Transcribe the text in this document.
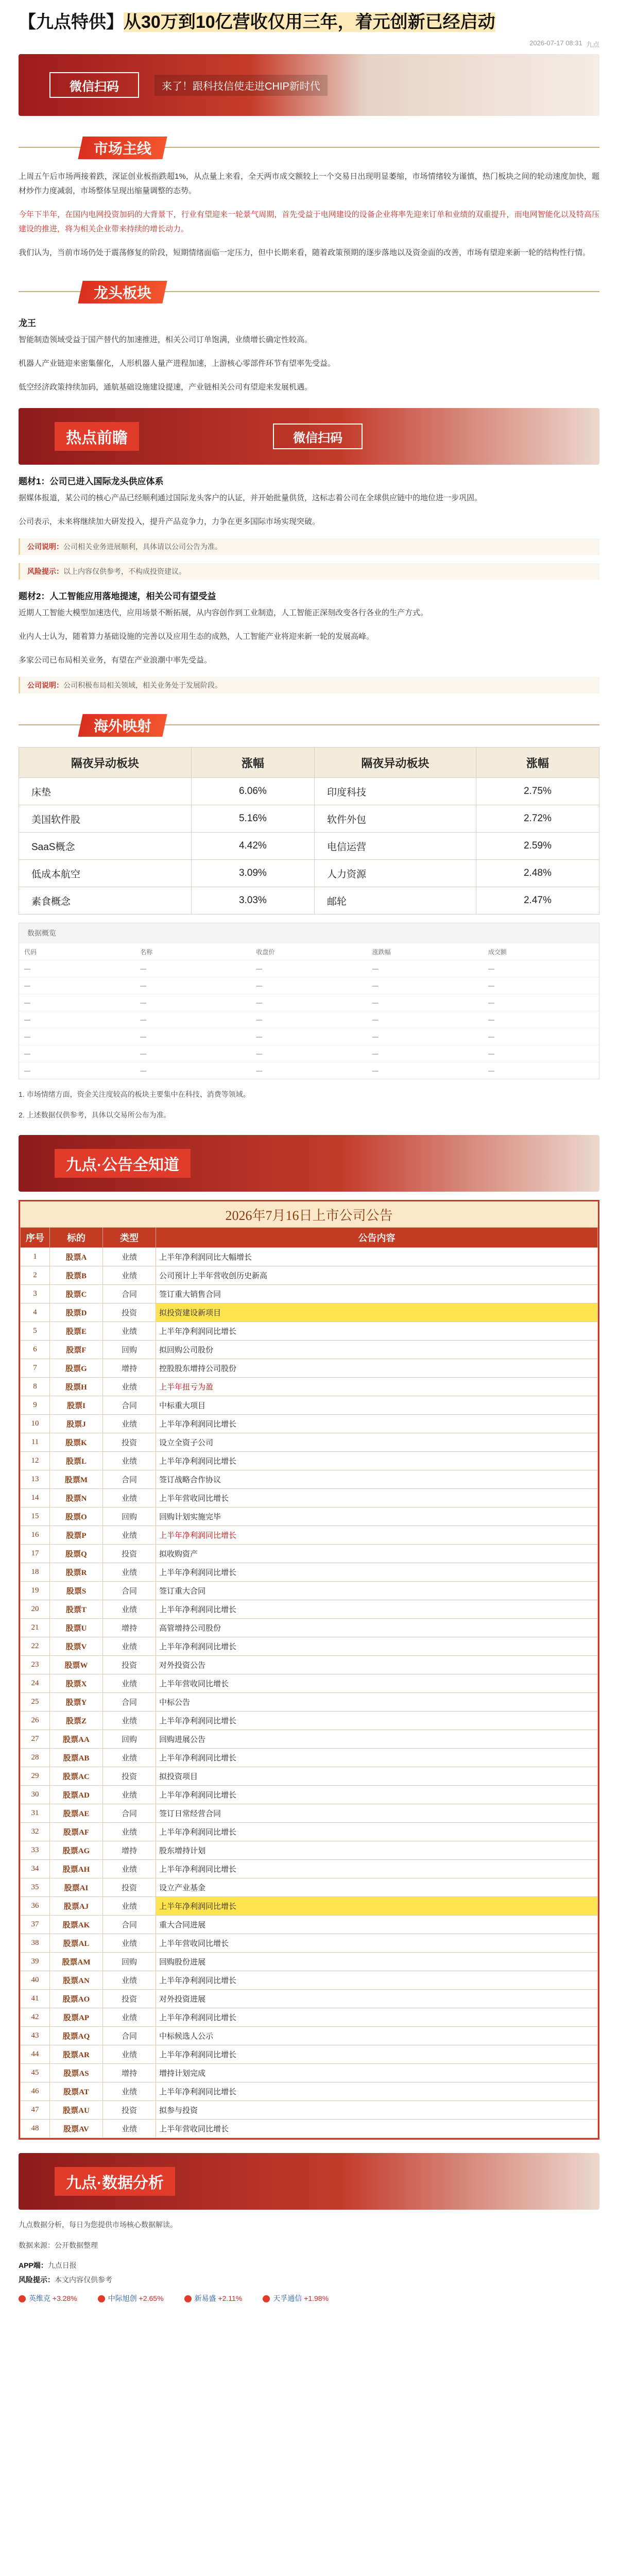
【九点特供】从30万到10亿营收仅用三年，着元创新已经启动
2026-07-17 08:31
九点
微信扫码	来了！跟科技信使走进CHIP新时代
市场主线

上周五午后市场两接着跌，深证创业板指跌超1%，从点量上来看，全天两市成交额较上一个交易日出现明显萎缩，市场情绪较为谨慎，热门板块之间的轮动速度加快，题材炒作力度减弱，市场整体呈现出缩量调整的态势。

今年下半年，在国内电网投资加码的大背景下，行业有望迎来一轮景气周期，首先受益于电网建设的设备企业将率先迎来订单和业绩的双重提升，而电网智能化以及特高压建设的推进，将为相关企业带来持续的增长动力。

我们认为，当前市场仍处于震荡修复的阶段，短期情绪面临一定压力，但中长期来看，随着政策预期的逐步落地以及资金面的改善，市场有望迎来新一轮的结构性行情。

龙头板块
龙王

智能制造领域受益于国产替代的加速推进，相关公司订单饱满，业绩增长确定性较高。

机器人产业链迎来密集催化，人形机器人量产进程加速，上游核心零部件环节有望率先受益。

低空经济政策持续加码，通航基础设施建设提速，产业链相关公司有望迎来发展机遇。

热点前瞻	微信扫码
题材1：公司已进入国际龙头供应体系

据媒体报道，某公司的核心产品已经顺利通过国际龙头客户的认证，并开始批量供货，这标志着公司在全球供应链中的地位进一步巩固。

公司表示，未来将继续加大研发投入，提升产品竞争力，力争在更多国际市场实现突破。

公司说明：公司相关业务进展顺利，具体请以公司公告为准。
风险提示：以上内容仅供参考，不构成投资建议。
题材2：人工智能应用落地提速，相关公司有望受益

近期人工智能大模型加速迭代，应用场景不断拓展，从内容创作到工业制造，人工智能正深刻改变各行各业的生产方式。

业内人士认为，随着算力基础设施的完善以及应用生态的成熟，人工智能产业将迎来新一轮的发展高峰。

多家公司已布局相关业务，有望在产业浪潮中率先受益。

公司说明：公司积极布局相关领域，相关业务处于发展阶段。
海外映射
隔夜异动板块	涨幅	隔夜异动板块	涨幅
床垫	6.06%	印度科技	2.75%
美国软件股	5.16%	软件外包	2.72%
SaaS概念	4.42%	电信运营	2.59%
低成本航空	3.09%	人力资源	2.48%
素食概念	3.03%	邮轮	2.47%
数据概览
代码	名称	收盘价	涨跌幅	成交额
—	—	—	—	—
—	—	—	—	—
—	—	—	—	—
—	—	—	—	—
—	—	—	—	—
—	—	—	—	—
—	—	—	—	—

1. 市场情绪方面，资金关注度较高的板块主要集中在科技、消费等领域。

2. 上述数据仅供参考，具体以交易所公布为准。

九点·公告全知道
2026年7月16日上市公司公告
序号	标的	类型	公告内容
1	股票A	业绩	上半年净利润同比大幅增长
2	股票B	业绩	公司预计上半年营收创历史新高
3	股票C	合同	签订重大销售合同
4	股票D	投资	拟投资建设新项目
5	股票E	业绩	上半年净利润同比增长
6	股票F	回购	拟回购公司股份
7	股票G	增持	控股股东增持公司股份
8	股票H	业绩	上半年扭亏为盈
9	股票I	合同	中标重大项目
10	股票J	业绩	上半年净利润同比增长
11	股票K	投资	设立全资子公司
12	股票L	业绩	上半年净利润同比增长
13	股票M	合同	签订战略合作协议
14	股票N	业绩	上半年营收同比增长
15	股票O	回购	回购计划实施完毕
16	股票P	业绩	上半年净利润同比增长
17	股票Q	投资	拟收购资产
18	股票R	业绩	上半年净利润同比增长
19	股票S	合同	签订重大合同
20	股票T	业绩	上半年净利润同比增长
21	股票U	增持	高管增持公司股份
22	股票V	业绩	上半年净利润同比增长
23	股票W	投资	对外投资公告
24	股票X	业绩	上半年营收同比增长
25	股票Y	合同	中标公告
26	股票Z	业绩	上半年净利润同比增长
27	股票AA	回购	回购进展公告
28	股票AB	业绩	上半年净利润同比增长
29	股票AC	投资	拟投资项目
30	股票AD	业绩	上半年净利润同比增长
31	股票AE	合同	签订日常经营合同
32	股票AF	业绩	上半年净利润同比增长
33	股票AG	增持	股东增持计划
34	股票AH	业绩	上半年净利润同比增长
35	股票AI	投资	设立产业基金
36	股票AJ	业绩	上半年净利润同比增长
37	股票AK	合同	重大合同进展
38	股票AL	业绩	上半年营收同比增长
39	股票AM	回购	回购股份进展
40	股票AN	业绩	上半年净利润同比增长
41	股票AO	投资	对外投资进展
42	股票AP	业绩	上半年净利润同比增长
43	股票AQ	合同	中标候选人公示
44	股票AR	业绩	上半年净利润同比增长
45	股票AS	增持	增持计划完成
46	股票AT	业绩	上半年净利润同比增长
47	股票AU	投资	拟参与投资
48	股票AV	业绩	上半年营收同比增长
九点·数据分析

九点数据分析，每日为您提供市场核心数据解读。

数据来源：公开数据整理

APP端：九点日报
风险提示：本文内容仅供参考
英维克 +3.28%	中际旭创 +2.65%	新易盛 +2.11%	天孚通信 +1.98%
